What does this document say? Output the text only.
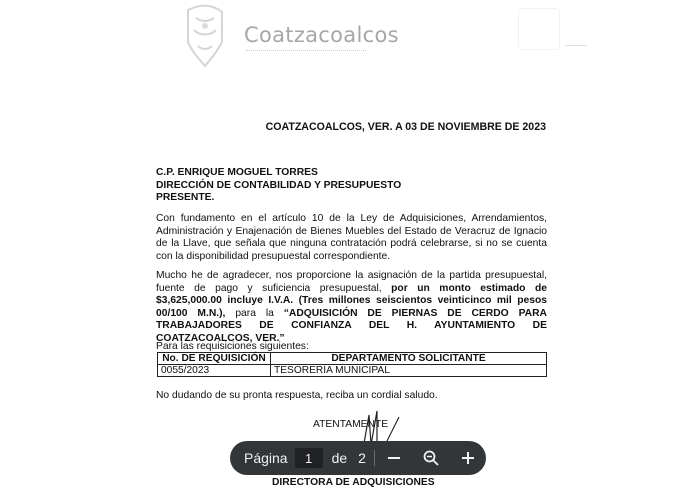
Coatzacoalcos
COATZACOALCOS, VER. A 03 DE NOVIEMBRE DE 2023
C.P. ENRIQUE MOGUEL TORRES
DIRECCIÓN DE CONTABILIDAD Y PRESUPUESTO
PRESENTE.
Con fundamento en el artículo 10 de la Ley de Adquisiciones, Arrendamientos, Administración y Enajenación de Bienes Muebles del Estado de Veracruz de Ignacio de la Llave, que señala que ninguna contratación podrá celebrarse, si no se cuenta con la disponibilidad presupuestal correspondiente.
Mucho he de agradecer, nos proporcione la asignación de la partida presupuestal, fuente de pago y suficiencia presupuestal, por un monto estimado de $3,625,000.00 incluye I.V.A. (Tres millones seiscientos veinticinco mil pesos 00/100 M.N.), para la “ADQUISICIÓN DE PIERNAS DE CERDO PARA TRABAJADORES DE CONFIANZA DEL H. AYUNTAMIENTO DE COATZACOALCOS, VER.”
Para las requisiciones siguientes:
No. DE REQUISICIÓN	DEPARTAMENTO SOLICITANTE
0055/2023	TESORERÍA MUNICIPAL
No dudando de su pronta respuesta, reciba un cordial saludo.
ATENTAMENTE
DIRECTORA DE ADQUISICIONES
Página
1	de 2
